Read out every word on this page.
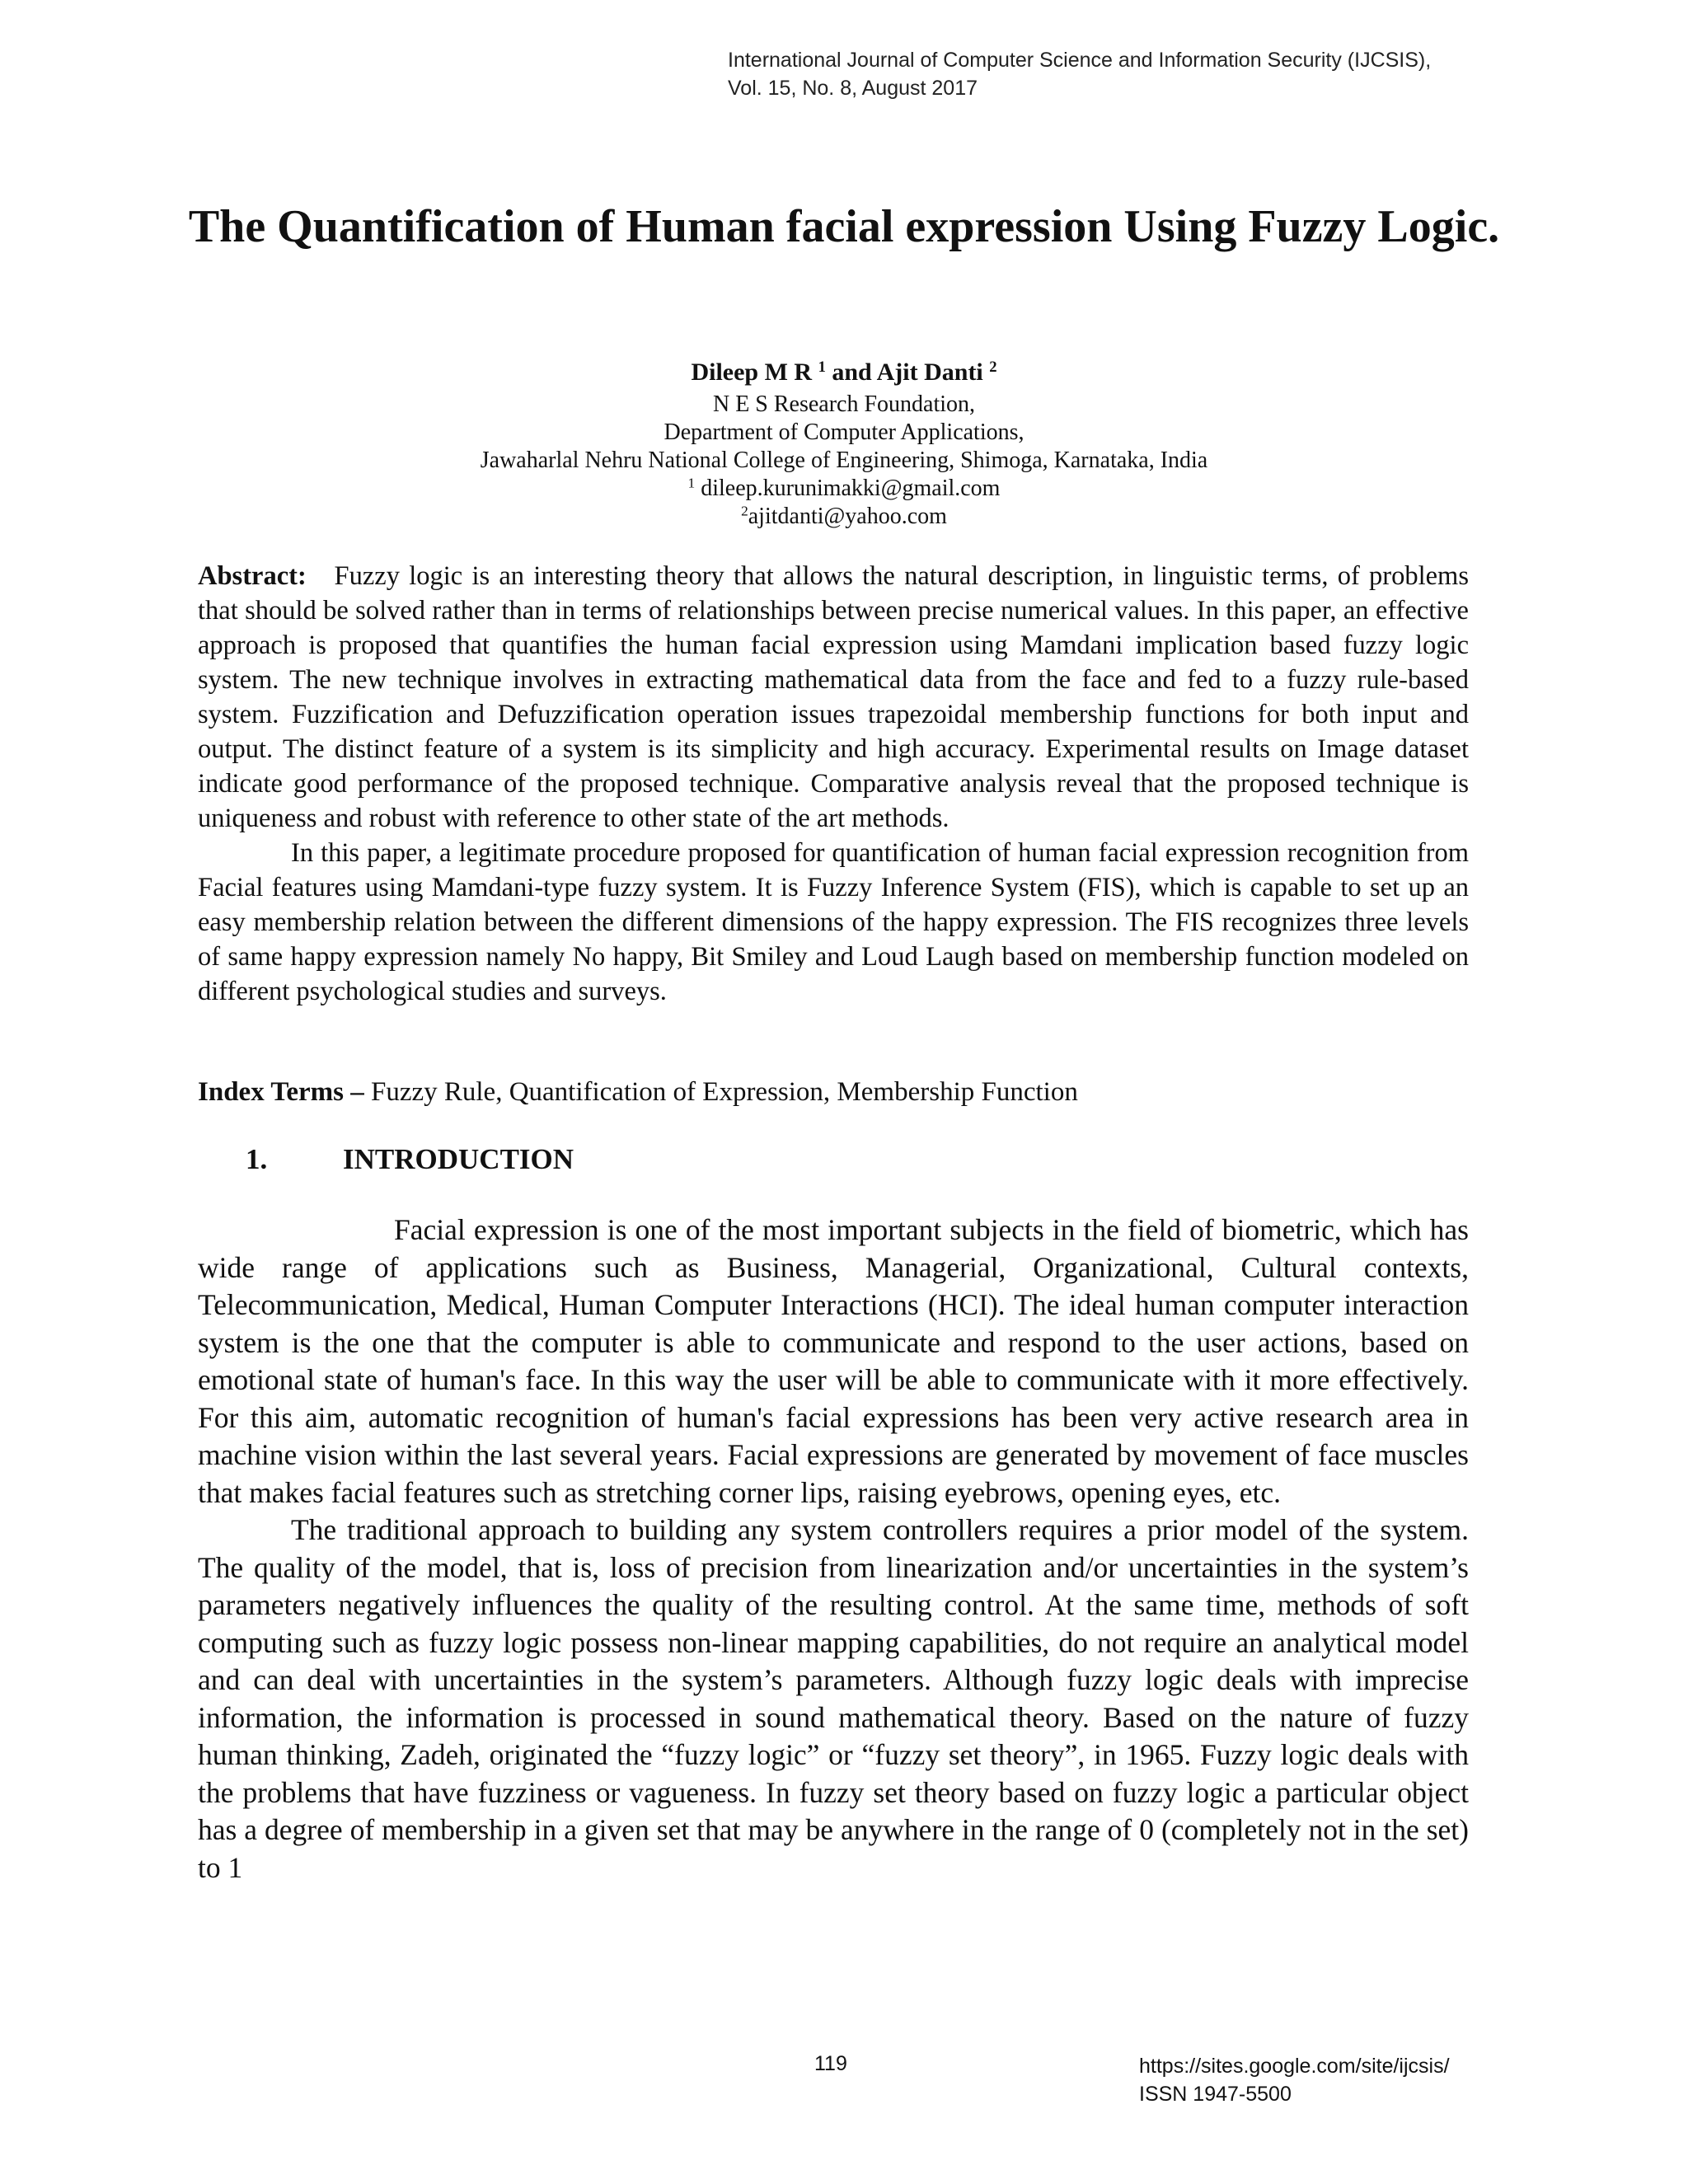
International Journal of Computer Science and Information Security (IJCSIS),
Vol. 15, No. 8, August 2017
The Quantification of Human facial expression Using Fuzzy Logic.
Dileep M R $^1$ and Ajit Danti $^2$
N E S Research Foundation,
Department of Computer Applications,
Jawaharlal Nehru National College of Engineering, Shimoga, Karnataka, India
$^1$ dileep.kurunimakki@gmail.com
$^2$ajitdanti@yahoo.com

Abstract: Fuzzy logic is an interesting theory that allows the natural description, in linguistic terms, of problems that should be solved rather than in terms of relationships between precise numerical values. In this paper, an effective approach is proposed that quantifies the human facial expression using Mamdani implication based fuzzy logic system. The new technique involves in extracting mathematical data from the face and fed to a fuzzy rule-based system. Fuzzification and Defuzzification operation issues trapezoidal membership functions for both input and output. The distinct feature of a system is its simplicity and high accuracy. Experimental results on Image dataset indicate good performance of the proposed technique. Comparative analysis reveal that the proposed technique is uniqueness and robust with reference to other state of the art methods.

In this paper, a legitimate procedure proposed for quantification of human facial expression recognition from Facial features using Mamdani-type fuzzy system. It is Fuzzy Inference System (FIS), which is capable to set up an easy membership relation between the different dimensions of the happy expression. The FIS recognizes three levels of same happy expression namely No happy, Bit Smiley and Loud Laugh based on membership function modeled on different psychological studies and surveys.

Index Terms – Fuzzy Rule, Quantification of Expression, Membership Function
1.	INTRODUCTION

Facial expression is one of the most important subjects in the field of biometric, which has wide range of applications such as Business, Managerial, Organizational, Cultural contexts, Telecommunication, Medical, Human Computer Interactions (HCI). The ideal human computer interaction system is the one that the computer is able to communicate and respond to the user actions, based on emotional state of human's face. In this way the user will be able to communicate with it more effectively. For this aim, automatic recognition of human's facial expressions has been very active research area in machine vision within the last several years. Facial expressions are generated by movement of face muscles that makes facial features such as stretching corner lips, raising eyebrows, opening eyes, etc.

The traditional approach to building any system controllers requires a prior model of the system. The quality of the model, that is, loss of precision from linearization and/or uncertainties in the system’s parameters negatively influences the quality of the resulting control. At the same time, methods of soft computing such as fuzzy logic possess non-linear mapping capabilities, do not require an analytical model and can deal with uncertainties in the system’s parameters. Although fuzzy logic deals with imprecise information, the information is processed in sound mathematical theory. Based on the nature of fuzzy human thinking, Zadeh, originated the “fuzzy logic” or “fuzzy set theory”, in 1965. Fuzzy logic deals with the problems that have fuzziness or vagueness. In fuzzy set theory based on fuzzy logic a particular object has a degree of membership in a given set that may be anywhere in the range of 0 (completely not in the set) to 1

119	https://sites.google.com/site/ijcsis/
ISSN 1947-5500
